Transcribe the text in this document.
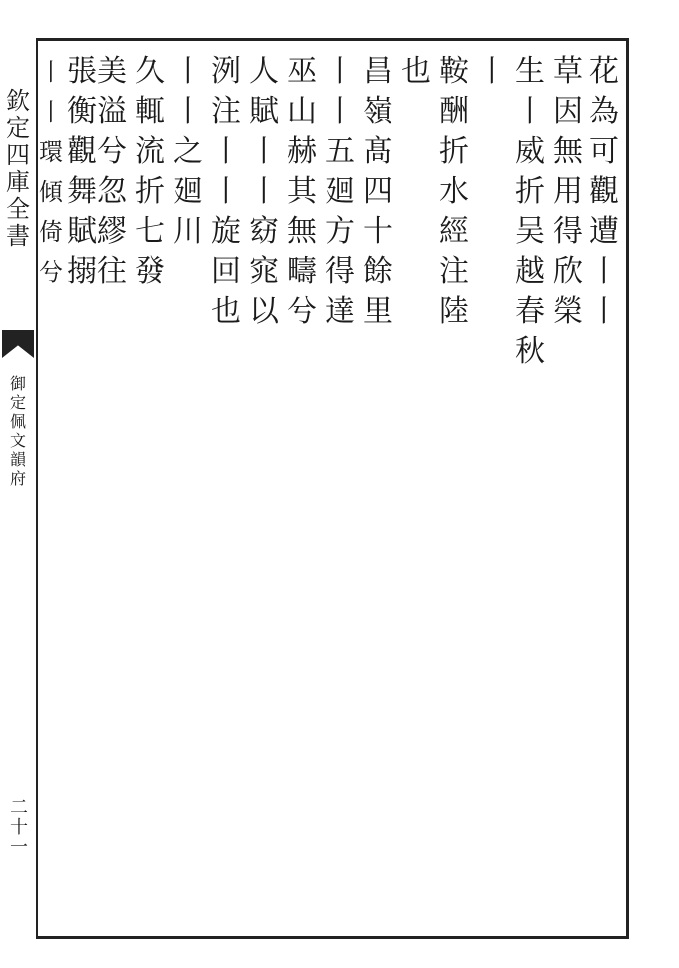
欽定四庫全書
御定佩文韻府
二十一
花為可觀遭丨丨
草因無用得欣榮
生丨威折吴越春秋
丨
鞍酬折水經注陸
也
昌嶺髙四十餘里
丨丨五廻方得達
巫山赫其無疇兮
人賦丨丨窈窕以
洌注丨丨旋回也
丨丨之廻川
久輒流折七發
美溢兮忽繆往
張衡觀舞賦搦
丨丨環傾倚兮
